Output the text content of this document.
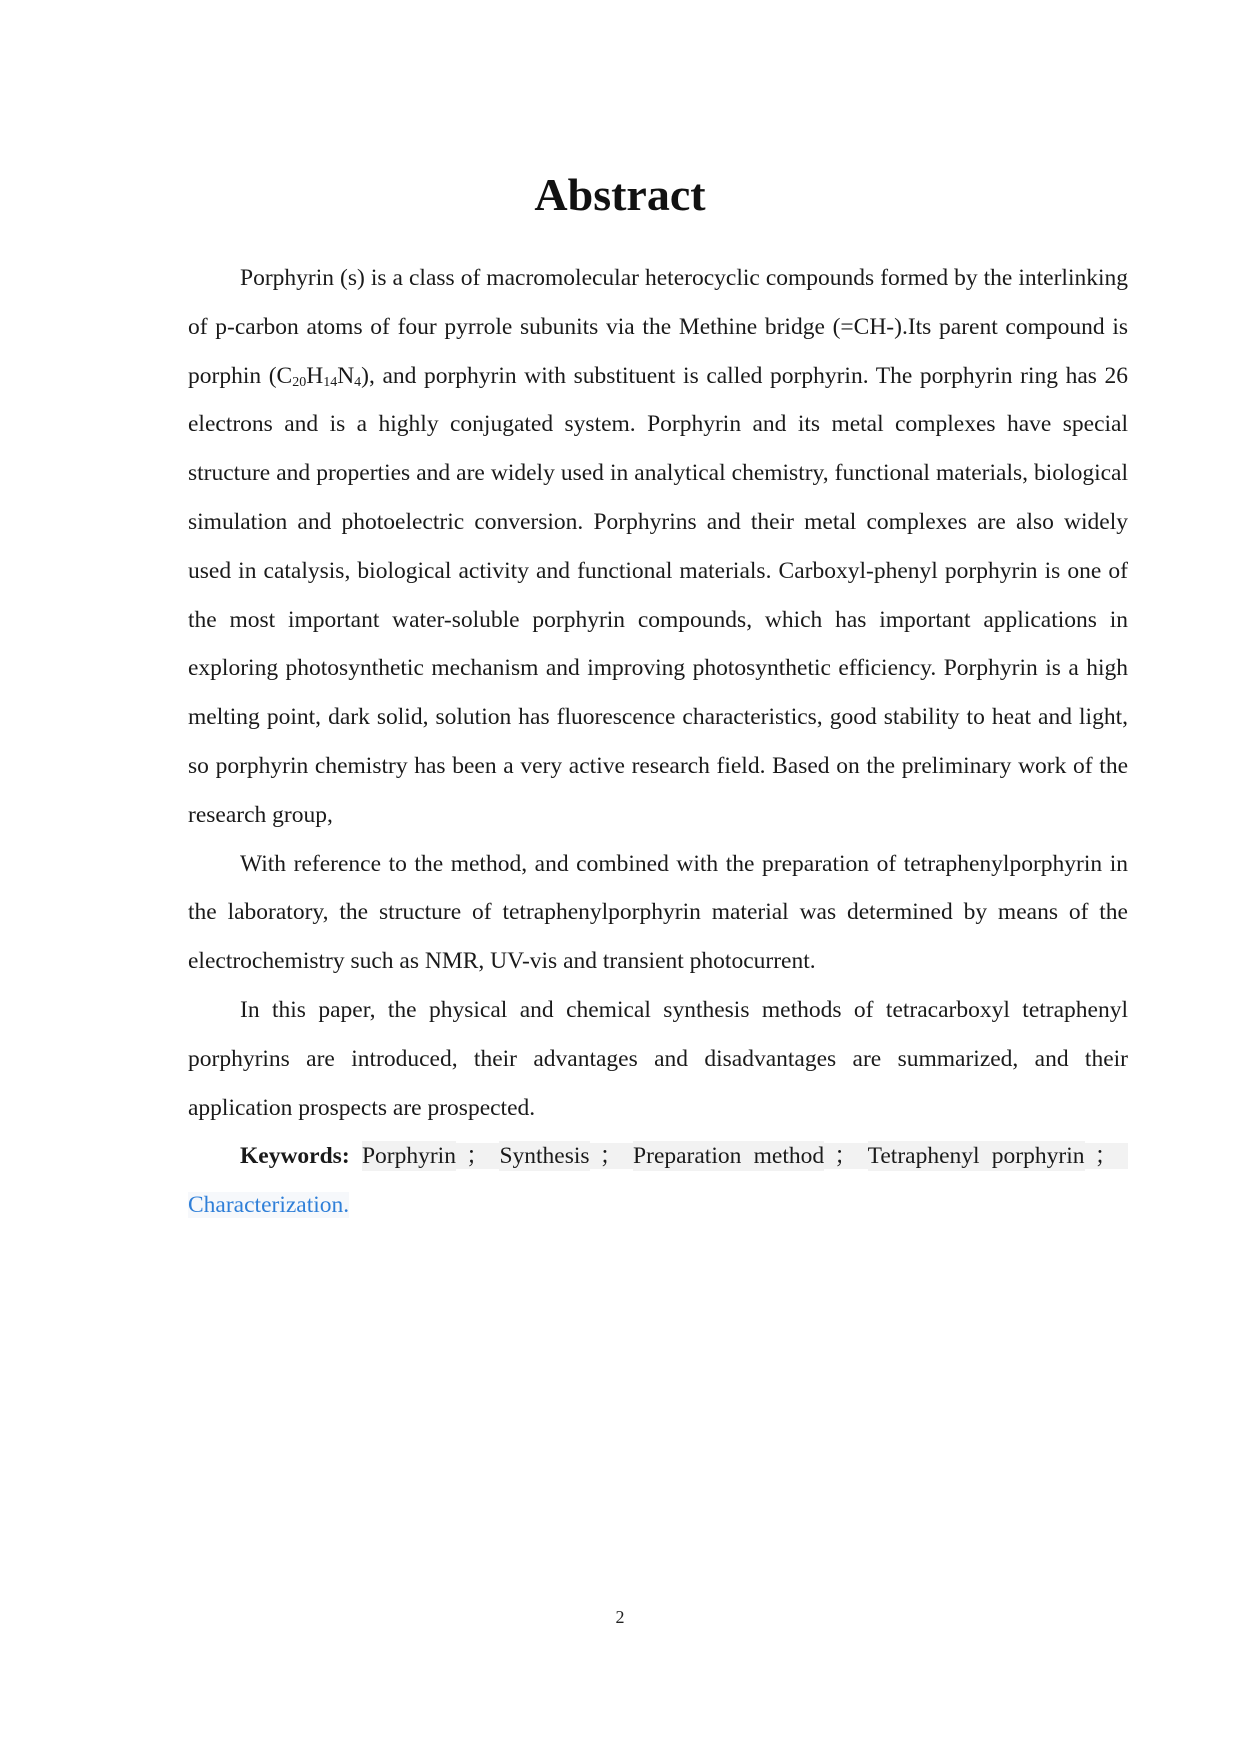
Abstract

Porphyrin (s) is a class of macromolecular heterocyclic compounds formed by the interlinking of p-carbon atoms of four pyrrole subunits via the Methine bridge (=CH-).Its parent compound is porphin $(C_{20}H_{14}N_4)$, and porphyrin with substituent is called porphyrin. The porphyrin ring has 26 electrons and is a highly conjugated system. Porphyrin and its metal complexes have special structure and properties and are widely used in analytical chemistry, functional materials, biological simulation and photoelectric conversion. Porphyrins and their metal complexes are also widely used in catalysis, biological activity and functional materials. Carboxyl-phenyl porphyrin is one of the most important water-soluble porphyrin compounds, which has important applications in exploring photosynthetic mechanism and improving photosynthetic efficiency. Porphyrin is a high melting point, dark solid, solution has fluorescence characteristics, good stability to heat and light, so porphyrin chemistry has been a very active research field. Based on the preliminary work of the research group,

With reference to the method, and combined with the preparation of tetraphenylporphyrin in the laboratory, the structure of tetraphenylporphyrin material was determined by means of the electrochemistry such as NMR, UV-vis and transient photocurrent.

In this paper, the physical and chemical synthesis methods of tetracarboxyl tetraphenyl porphyrins are introduced, their advantages and disadvantages are summarized, and their application prospects are prospected.

Keywords: Porphyrin ； Synthesis ； Preparation method ； Tetraphenyl porphyrin ；Characterization.

2
